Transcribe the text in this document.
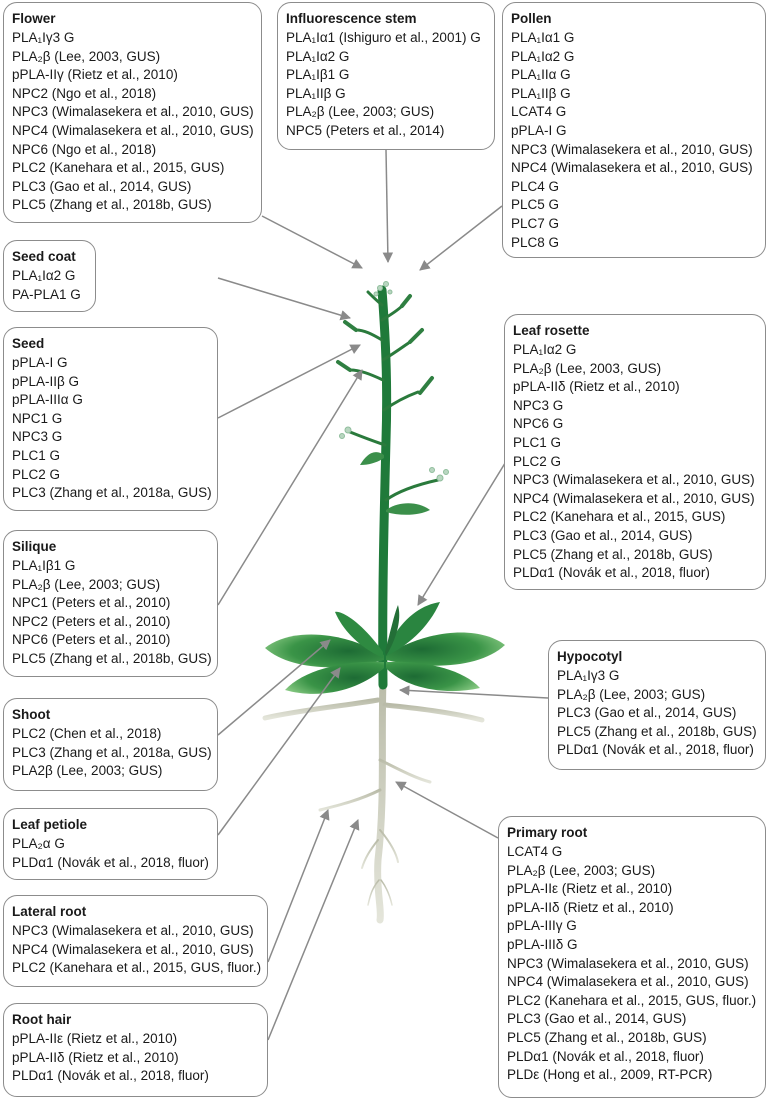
Flower
PLA₁Iγ3 G
PLA₂β (Lee, 2003, GUS)
pPLA-IIγ (Rietz et al., 2010)
NPC2 (Ngo et al., 2018)
NPC3 (Wimalasekera et al., 2010, GUS)
NPC4 (Wimalasekera et al., 2010, GUS)
NPC6 (Ngo et al., 2018)
PLC2 (Kanehara et al., 2015, GUS)
PLC3 (Gao et al., 2014, GUS)
PLC5 (Zhang et al., 2018b, GUS)
Influorescence stem
PLA₁Iα1 (Ishiguro et al., 2001) G
PLA₁Iα2 G
PLA₁Iβ1 G
PLA₁IIβ G
PLA₂β (Lee, 2003; GUS)
NPC5 (Peters et al., 2014)
Pollen
PLA₁Iα1 G
PLA₁Iα2 G
PLA₁IIα G
PLA₁IIβ G
LCAT4 G
pPLA-I G
NPC3 (Wimalasekera et al., 2010, GUS)
NPC4 (Wimalasekera et al., 2010, GUS)
PLC4 G
PLC5 G
PLC7 G
PLC8 G
Seed coat
PLA₁Iα2 G
PA-PLA1 G
Seed
pPLA-I G
pPLA-IIβ G
pPLA-IIIα G
NPC1 G
NPC3 G
PLC1 G
PLC2 G
PLC3 (Zhang et al., 2018a, GUS)
Leaf rosette
PLA₁Iα2 G
PLA₂β (Lee, 2003, GUS)
pPLA-IIδ (Rietz et al., 2010)
NPC3 G
NPC6 G
PLC1 G
PLC2 G
NPC3 (Wimalasekera et al., 2010, GUS)
NPC4 (Wimalasekera et al., 2010, GUS)
PLC2 (Kanehara et al., 2015, GUS)
PLC3 (Gao et al., 2014, GUS)
PLC5 (Zhang et al., 2018b, GUS)
PLDα1 (Novák et al., 2018, fluor)
Silique
PLA₁Iβ1 G
PLA₂β (Lee, 2003; GUS)
NPC1 (Peters et al., 2010)
NPC2 (Peters et al., 2010)
NPC6 (Peters et al., 2010)
PLC5 (Zhang et al., 2018b, GUS)	Hypocotyl
PLA₁Iγ3 G
PLA₂β (Lee, 2003; GUS)
PLC3 (Gao et al., 2014, GUS)
PLC5 (Zhang et al., 2018b, GUS)
PLDα1 (Novák et al., 2018, fluor)
Shoot
PLC2 (Chen et al., 2018)
PLC3 (Zhang et al., 2018a, GUS)
PLA2β (Lee, 2003; GUS)
Leaf petiole
PLA₂α G
PLDα1 (Novák et al., 2018, fluor)
Primary root
LCAT4 G
PLA₂β (Lee, 2003; GUS)
pPLA-IIε (Rietz et al., 2010)
pPLA-IIδ (Rietz et al., 2010)
pPLA-IIIγ G
pPLA-IIIδ G
NPC3 (Wimalasekera et al., 2010, GUS)
NPC4 (Wimalasekera et al., 2010, GUS)
PLC2 (Kanehara et al., 2015, GUS, fluor.)
PLC3 (Gao et al., 2014, GUS)
PLC5 (Zhang et al., 2018b, GUS)
PLDα1 (Novák et al., 2018, fluor)
PLDε (Hong et al., 2009, RT-PCR)
Lateral root
NPC3 (Wimalasekera et al., 2010, GUS)
NPC4 (Wimalasekera et al., 2010, GUS)
PLC2 (Kanehara et al., 2015, GUS, fluor.)
Root hair
pPLA-IIε (Rietz et al., 2010)
pPLA-IIδ (Rietz et al., 2010)
PLDα1 (Novák et al., 2018, fluor)
